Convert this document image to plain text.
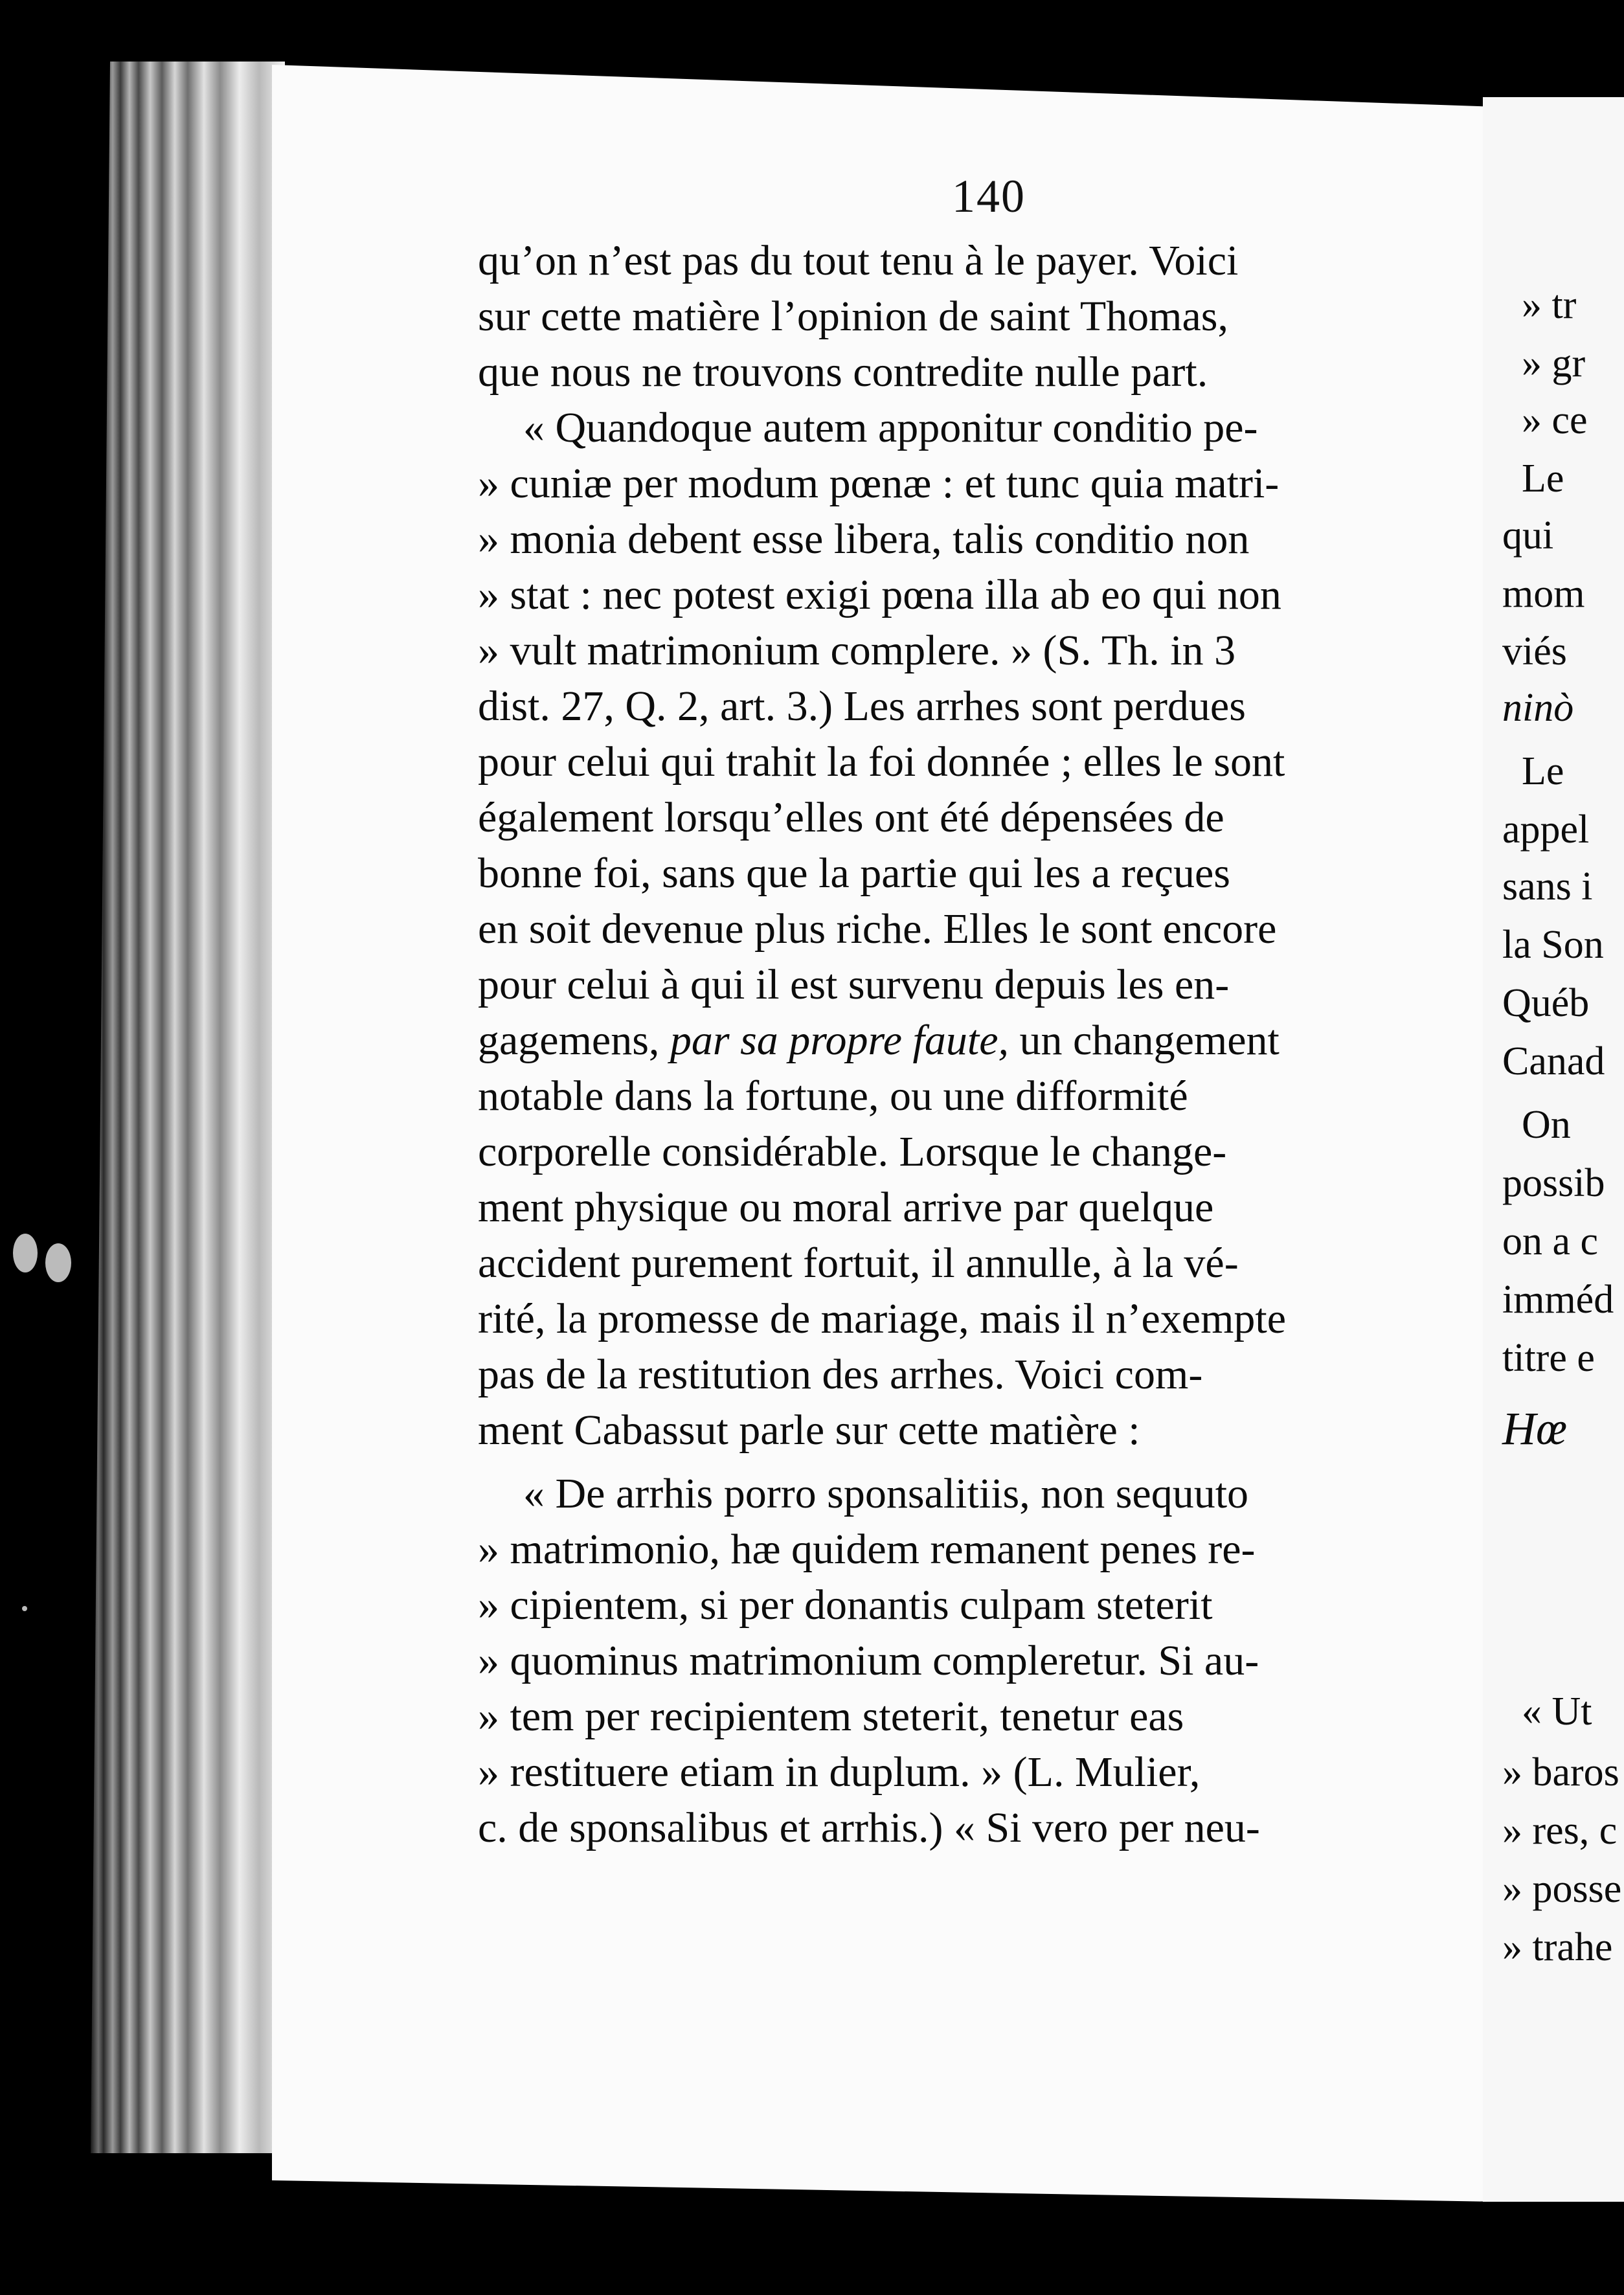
140
qu’on n’est pas du tout tenu à le payer. Voici
sur cette matière l’opinion de saint Thomas,
que nous ne trouvons contredite nulle part.
« Quandoque autem apponitur conditio pe-
» cuniæ per modum pœnæ : et tunc quia matri-
» monia debent esse libera, talis conditio non
» stat : nec potest exigi pœna illa ab eo qui non
» vult matrimonium complere. » (S. Th. in 3
dist. 27, Q. 2, art. 3.) Les arrhes sont perdues
pour celui qui trahit la foi donnée ; elles le sont
également lorsqu’elles ont été dépensées de
bonne foi, sans que la partie qui les a reçues
en soit devenue plus riche. Elles le sont encore
pour celui à qui il est survenu depuis les en-
gagemens, par sa propre faute, un changement
notable dans la fortune, ou une difformité
corporelle considérable. Lorsque le change-
ment physique ou moral arrive par quelque
accident purement fortuit, il annulle, à la vé-
rité, la promesse de mariage, mais il n’exempte
pas de la restitution des arrhes. Voici com-
ment Cabassut parle sur cette matière :
« De arrhis porro sponsalitiis, non sequuto
» matrimonio, hæ quidem remanent penes re-
» cipientem, si per donantis culpam steterit
» quominus matrimonium compleretur. Si au-
» tem per recipientem steterit, tenetur eas
» restituere etiam in duplum. » (L. Mulier,
c. de sponsalibus et arrhis.) « Si vero per neu-
» tr
» gr
» ce
Le
qui
mom
viés
ninò
Le
appel
sans i
la Son
Québ
Canad
On
possib
on a c
imméd
titre e
Hœ
« Ut
» baros
» res, c
» posse
» trahe
